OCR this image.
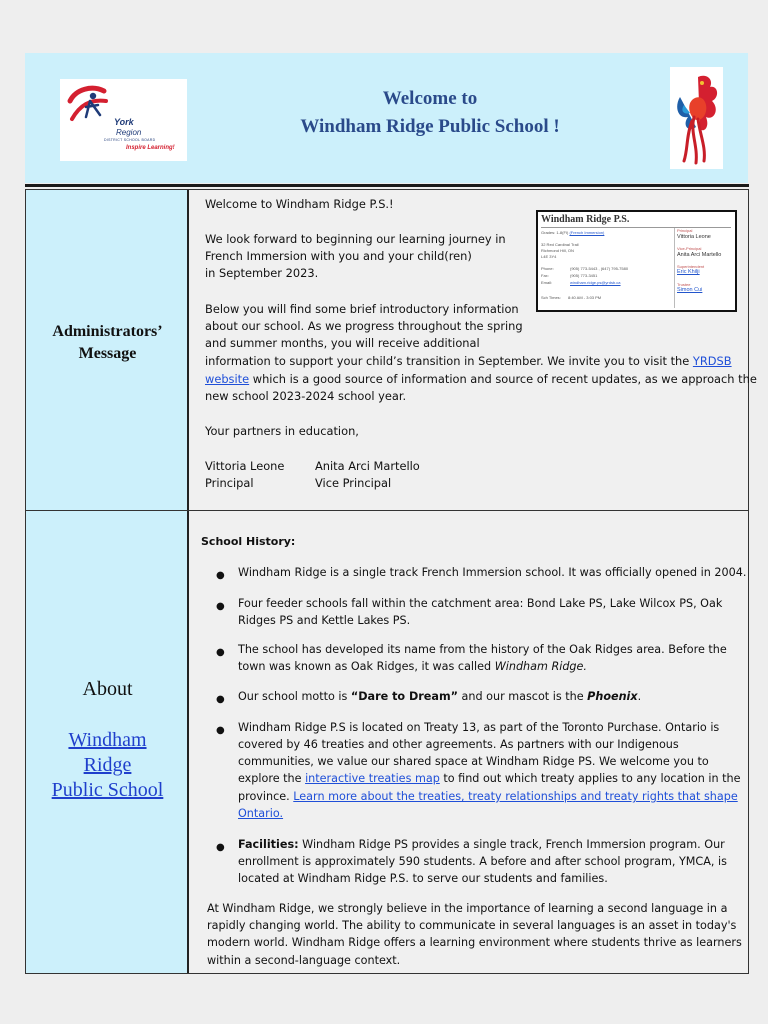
York
Region
DISTRICT SCHOOL BOARD
Inspire Learning!
Welcome to
Windham Ridge Public School !
Administrators’
Message

Welcome to Windham Ridge P.S.!

We look forward to beginning our learning journey in

French Immersion with you and your child(ren)

in September 2023.

Below you will find some brief introductory information

about our school. As we progress throughout the spring

and summer months, you will receive additional

information to support your child’s transition in September. We invite you to visit the YRDSB

website which is a good source of information and source of recent updates, as we approach the

new school 2023-2024 school year.

Your partners in education,

Vittoria Leone

Principal

Anita Arci Martello

Vice Principal

Windham Ridge P.S.
Grades: 1-8(FI) (French Immersion)
32 Red Cardinal Trail
Richmond Hill, ON
L4E 3Y4
Phone:	(905) 773-5443 , (647) 795-7580
Fax:	(905) 773-3451
Email:	windham.ridge.ps@yrdsb.ca
Sch Times: 8:40 AM - 3:03 PM
Principal
Vittoria Leone
Vice-Principal
Anita Arci Martello
Superintendent
Eric Khilji
Trustee
Simon Cui
About
Windham
Ridge
Public School

School History:

● Windham Ridge is a single track French Immersion school. It was officially opened in 2004.

● Four feeder schools fall within the catchment area: Bond Lake PS, Lake Wilcox PS, Oak

Ridges PS and Kettle Lakes PS.

● The school has developed its name from the history of the Oak Ridges area. Before the

town was known as Oak Ridges, it was called Windham Ridge.

● Our school motto is “Dare to Dream” and our mascot is the Phoenix.

● Windham Ridge P.S is located on Treaty 13, as part of the Toronto Purchase. Ontario is

covered by 46 treaties and other agreements. As partners with our Indigenous

communities, we value our shared space at Windham Ridge PS. We welcome you to

explore the interactive treaties map to find out which treaty applies to any location in the

province. Learn more about the treaties, treaty relationships and treaty rights that shape

Ontario.

● Facilities: Windham Ridge PS provides a single track, French Immersion program. Our

enrollment is approximately 590 students. A before and after school program, YMCA, is

located at Windham Ridge P.S. to serve our students and families.

At Windham Ridge, we strongly believe in the importance of learning a second language in a

rapidly changing world. The ability to communicate in several languages is an asset in today's

modern world. Windham Ridge offers a learning environment where students thrive as learners

within a second-language context.
